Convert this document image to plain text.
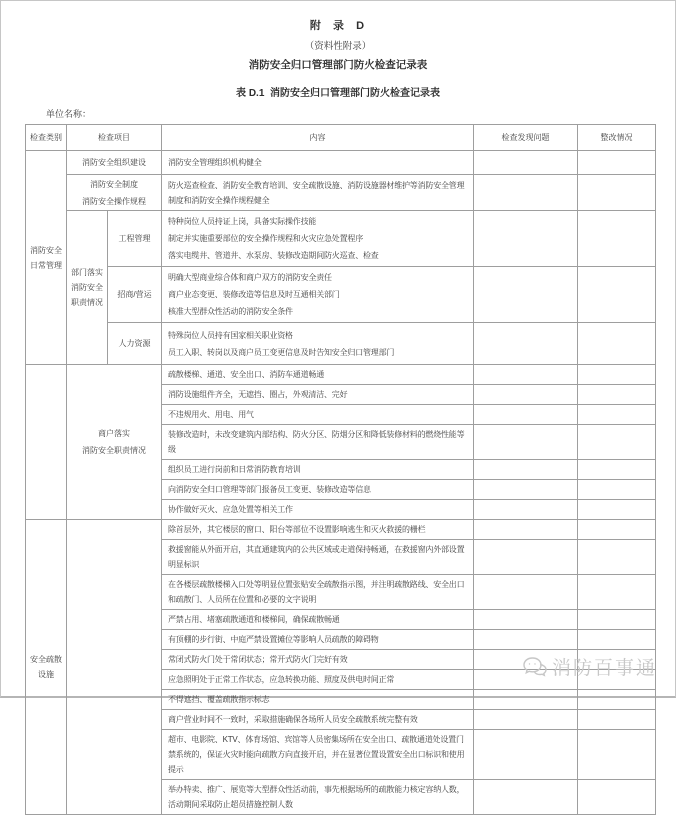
附  录  D
（资料性附录）
消防安全归口管理部门防火检查记录表
表 D.1  消防安全归口管理部门防火检查记录表
单位名称：
检查类别	检查项目		内容	检查发现问题	整改情况
消防安全日常管理	消防安全组织建设		消防安全管理组织机构健全		

	消防安全制度
消防安全操作规程		防火巡查检查、消防安全教育培训、安全疏散设施、消防设施器材维护等消防安全管理制度和消防安全操作规程健全		
	部门落实消防安全职责情况	工程管理	特种岗位人员持证上岗，具备实际操作技能
制定并实施重要部位的安全操作规程和火灾应急处置程序
落实电缆井、管道井、水泵房、装修改造期间防火巡查、检查		

		招商/营运	明确大型商业综合体和商户双方的消防安全责任
商户业态变更、装修改造等信息及时互通相关部门
核准大型群众性活动的消防安全条件		

		人力资源	特殊岗位人员持有国家相关职业资格
员工入职、转岗以及商户员工变更信息及时告知安全归口管理部门		

	商户落实
消防安全职责情况		疏散楼梯、通道、安全出口、消防车通道畅通		
			消防设施组件齐全，无遮挡、圈占，外观清洁、完好		
			不违规用火、用电、用气		
			装修改造时，未改变建筑内部结构、防火分区、防烟分区和降低装修材料的燃烧性能等级		
			组织员工进行岗前和日常消防教育培训		
			向消防安全归口管理等部门报备员工变更、装修改造等信息		
			协作做好灭火、应急处置等相关工作		
安全疏散设施			除首层外，其它楼层的窗口、阳台等部位不设置影响逃生和灭火救援的栅栏		
			救援窗能从外面开启，其直通建筑内的公共区域或走道保持畅通，在救援窗内外部设置明显标识		
			在各楼层疏散楼梯入口处等明显位置张贴安全疏散指示图，并注明疏散路线、安全出口和疏散门、人员所在位置和必要的文字说明		
			严禁占用、堵塞疏散通道和楼梯间，确保疏散畅通		
			有顶棚的步行街、中庭严禁设置摊位等影响人员疏散的障碍物		
			常闭式防火门处于常闭状态；常开式防火门完好有效		
			应急照明处于正常工作状态，应急转换功能、照度及供电时间正常		
			不得遮挡、覆盖疏散指示标志		
			商户营业时间不一致时，采取措施确保各场所人员安全疏散系统完整有效		
			超市、电影院、KTV、体育场馆、宾馆等人员密集场所在安全出口、疏散通道处设置门禁系统的，保证火灾时能向疏散方向直接开启，并在显著位置设置安全出口标识和使用提示		
			举办特卖、推广、展览等大型群众性活动前，事先根据场所的疏散能力核定容纳人数，活动期间采取防止超员措施控制人数		
消防百事通
